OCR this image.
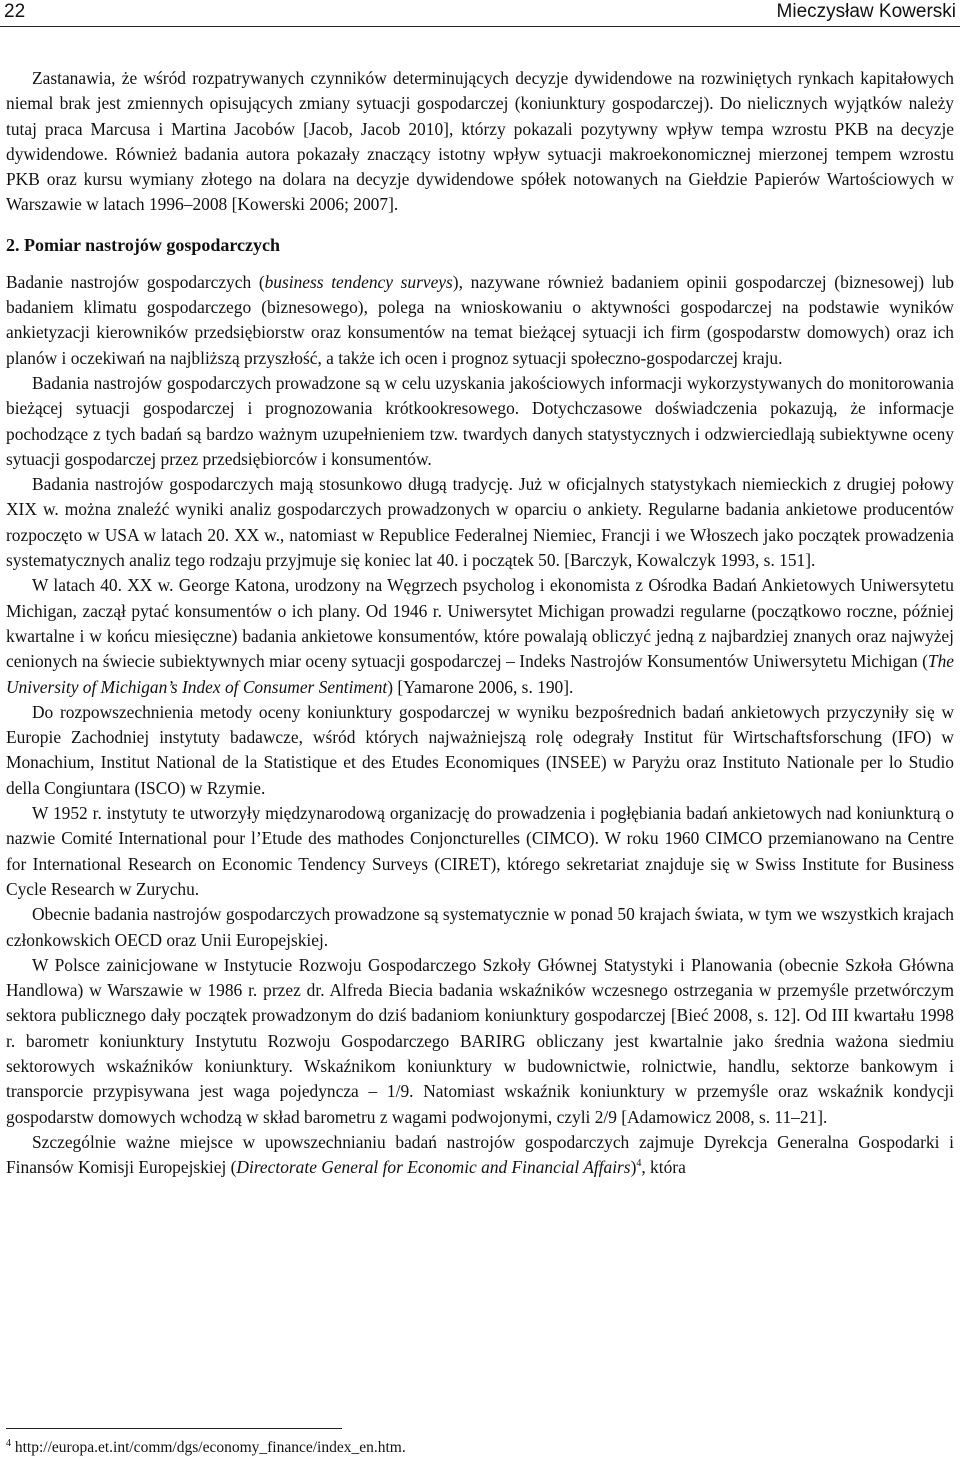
22	Mieczysław Kowerski

Zastanawia, że wśród rozpatrywanych czynników determinujących decyzje dywidendowe na rozwiniętych rynkach kapitałowych niemal brak jest zmiennych opisujących zmiany sytuacji gospodarczej (koniunktury gospodarczej). Do nielicznych wyjątków należy tutaj praca Marcusa i Martina Jacobów [Jacob, Jacob 2010], którzy pokazali pozytywny wpływ tempa wzrostu PKB na decyzje dywidendowe. Również badania autora pokazały znaczący istotny wpływ sytuacji makroekonomicznej mierzonej tempem wzrostu PKB oraz kursu wymiany złotego na dolara na decyzje dywidendowe spółek notowanych na Giełdzie Papierów Wartościowych w Warszawie w latach 1996–2008 [Kowerski 2006; 2007].

2. Pomiar nastrojów gospodarczych

Badanie nastrojów gospodarczych (business tendency surveys), nazywane również badaniem opinii gospodarczej (biznesowej) lub badaniem klimatu gospodarczego (biznesowego), polega na wnioskowaniu o aktywności gospodarczej na podstawie wyników ankietyzacji kierowników przedsiębiorstw oraz konsumentów na temat bieżącej sytuacji ich firm (gospodarstw domowych) oraz ich planów i oczekiwań na najbliższą przyszłość, a także ich ocen i prognoz sytuacji społeczno-gospodarczej kraju.

Badania nastrojów gospodarczych prowadzone są w celu uzyskania jakościowych informacji wykorzystywanych do monitorowania bieżącej sytuacji gospodarczej i prognozowania krótkookresowego. Dotychczasowe doświadczenia pokazują, że informacje pochodzące z tych badań są bardzo ważnym uzupełnieniem tzw. twardych danych statystycznych i odzwierciedlają subiektywne oceny sytuacji gospodarczej przez przedsiębiorców i konsumentów.

Badania nastrojów gospodarczych mają stosunkowo długą tradycję. Już w oficjalnych statystykach niemieckich z drugiej połowy XIX w. można znaleźć wyniki analiz gospodarczych prowadzonych w oparciu o ankiety. Regularne badania ankietowe producentów rozpoczęto w USA w latach 20. XX w., natomiast w Republice Federalnej Niemiec, Francji i we Włoszech jako początek prowadzenia systematycznych analiz tego rodzaju przyjmuje się koniec lat 40. i początek 50. [Barczyk, Kowalczyk 1993, s. 151].

W latach 40. XX w. George Katona, urodzony na Węgrzech psycholog i ekonomista z Ośrodka Badań Ankietowych Uniwersytetu Michigan, zaczął pytać konsumentów o ich plany. Od 1946 r. Uniwersytet Michigan prowadzi regularne (początkowo roczne, później kwartalne i w końcu miesięczne) badania ankietowe konsumentów, które powalają obliczyć jedną z najbardziej znanych oraz najwyżej cenionych na świecie subiektywnych miar oceny sytuacji gospodarczej – Indeks Nastrojów Konsumentów Uniwersytetu Michigan (The University of Michigan’s Index of Consumer Sentiment) [Yamarone 2006, s. 190].

Do rozpowszechnienia metody oceny koniunktury gospodarczej w wyniku bezpośrednich badań ankietowych przyczyniły się w Europie Zachodniej instytuty badawcze, wśród których najważniejszą rolę odegrały Institut für Wirtschaftsforschung (IFO) w Monachium, Institut National de la Statistique et des Etudes Economiques (INSEE) w Paryżu oraz Instituto Nationale per lo Studio della Congiuntara (ISCO) w Rzymie.

W 1952 r. instytuty te utworzyły międzynarodową organizację do prowadzenia i pogłębiania badań ankietowych nad koniunkturą o nazwie Comité International pour l’Etude des mathodes Conjoncturelles (CIMCO). W roku 1960 CIMCO przemianowano na Centre for International Research on Economic Tendency Surveys (CIRET), którego sekretariat znajduje się w Swiss Institute for Business Cycle Research w Zurychu.

Obecnie badania nastrojów gospodarczych prowadzone są systematycznie w ponad 50 krajach świata, w tym we wszystkich krajach członkowskich OECD oraz Unii Europejskiej.

W Polsce zainicjowane w Instytucie Rozwoju Gospodarczego Szkoły Głównej Statystyki i Planowania (obecnie Szkoła Główna Handlowa) w Warszawie w 1986 r. przez dr. Alfreda Biecia badania wskaźników wczesnego ostrzegania w przemyśle przetwórczym sektora publicznego dały początek prowadzonym do dziś badaniom koniunktury gospodarczej [Bieć 2008, s. 12]. Od III kwartału 1998 r. barometr koniunktury Instytutu Rozwoju Gospodarczego BARIRG obliczany jest kwartalnie jako średnia ważona siedmiu sektorowych wskaźników koniunktury. Wskaźnikom koniunktury w budownictwie, rolnictwie, handlu, sektorze bankowym i transporcie przypisywana jest waga pojedyncza – 1/9. Natomiast wskaźnik koniunktury w przemyśle oraz wskaźnik kondycji gospodarstw domowych wchodzą w skład barometru z wagami podwojonymi, czyli 2/9 [Adamowicz 2008, s. 11–21].

Szczególnie ważne miejsce w upowszechnianiu badań nastrojów gospodarczych zajmuje Dyrekcja Generalna Gospodarki i Finansów Komisji Europejskiej (Directorate General for Economic and Financial Affairs)$^4$, która

$^4$ http://europa.et.int/comm/dgs/economy_finance/index_en.htm.
